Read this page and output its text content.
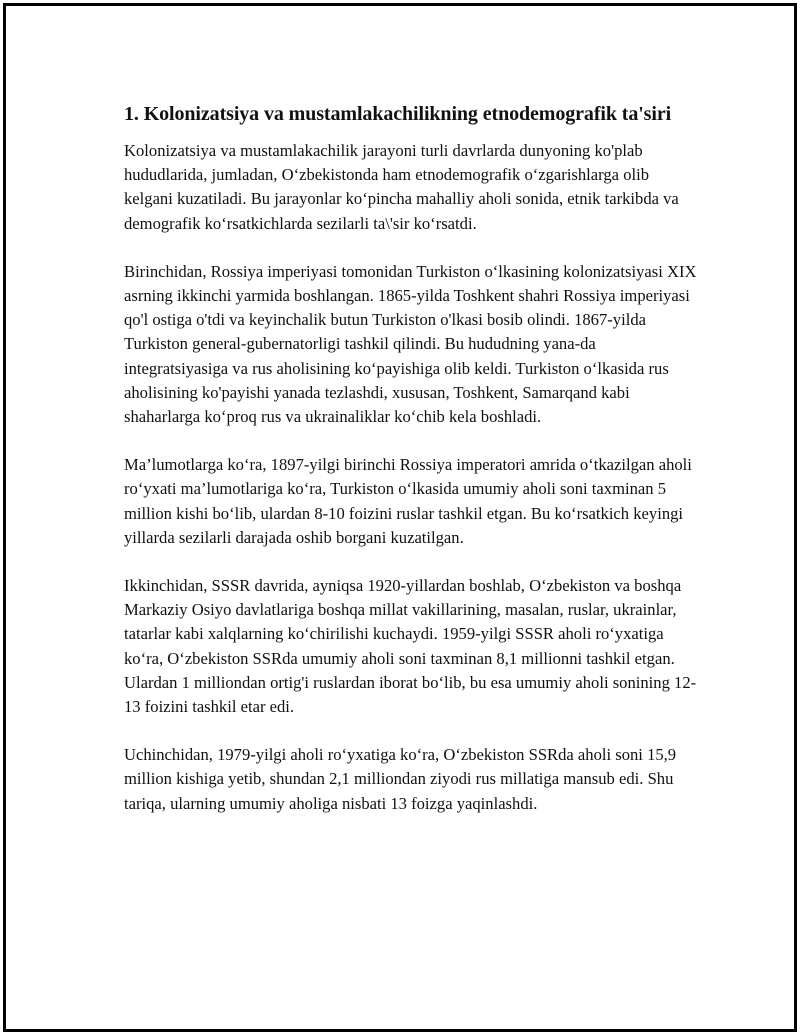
1. Kolonizatsiya va mustamlakachilikning etnodemografik ta'siri

Kolonizatsiya va mustamlakachilik jarayoni turli davrlarda dunyoning ko'plab hududlarida, jumladan, O‘zbekistonda ham etnodemografik o‘zgarishlarga olib kelgani kuzatiladi. Bu jarayonlar ko‘pincha mahalliy aholi sonida, etnik tarkibda va demografik ko‘rsatkichlarda sezilarli ta\'sir ko‘rsatdi.

Birinchidan, Rossiya imperiyasi tomonidan Turkiston o‘lkasining kolonizatsiyasi XIX asrning ikkinchi yarmida boshlangan. 1865-yilda Toshkent shahri Rossiya imperiyasi qo'l ostiga o'tdi va keyinchalik butun Turkiston o'lkasi bosib olindi. 1867-yilda Turkiston general-gubernatorligi tashkil qilindi. Bu hududning yana-da integratsiyasiga va rus aholisining ko‘payishiga olib keldi. Turkiston o‘lkasida rus aholisining ko'payishi yanada tezlashdi, xususan, Toshkent, Samarqand kabi shaharlarga ko‘proq rus va ukrainaliklar ko‘chib kela boshladi.

Ma’lumotlarga ko‘ra, 1897-yilgi birinchi Rossiya imperatori amrida o‘tkazilgan aholi ro‘yxati ma’lumotlariga ko‘ra, Turkiston o‘lkasida umumiy aholi soni taxminan 5 million kishi bo‘lib, ulardan 8-10 foizini ruslar tashkil etgan. Bu ko‘rsatkich keyingi yillarda sezilarli darajada oshib borgani kuzatilgan.

Ikkinchidan, SSSR davrida, ayniqsa 1920-yillardan boshlab, O‘zbekiston va boshqa Markaziy Osiyo davlatlariga boshqa millat vakillarining, masalan, ruslar, ukrainlar, tatarlar kabi xalqlarning ko‘chirilishi kuchaydi. 1959-yilgi SSSR aholi ro‘yxatiga ko‘ra, O‘zbekiston SSRda umumiy aholi soni taxminan 8,1 millionni tashkil etgan. Ulardan 1 milliondan ortig'i ruslardan iborat bo‘lib, bu esa umumiy aholi sonining 12-13 foizini tashkil etar edi.

Uchinchidan, 1979-yilgi aholi ro‘yxatiga ko‘ra, O‘zbekiston SSRda aholi soni 15,9 million kishiga yetib, shundan 2,1 milliondan ziyodi rus millatiga mansub edi. Shu tariqa, ularning umumiy aholiga nisbati 13 foizga yaqinlashdi.
